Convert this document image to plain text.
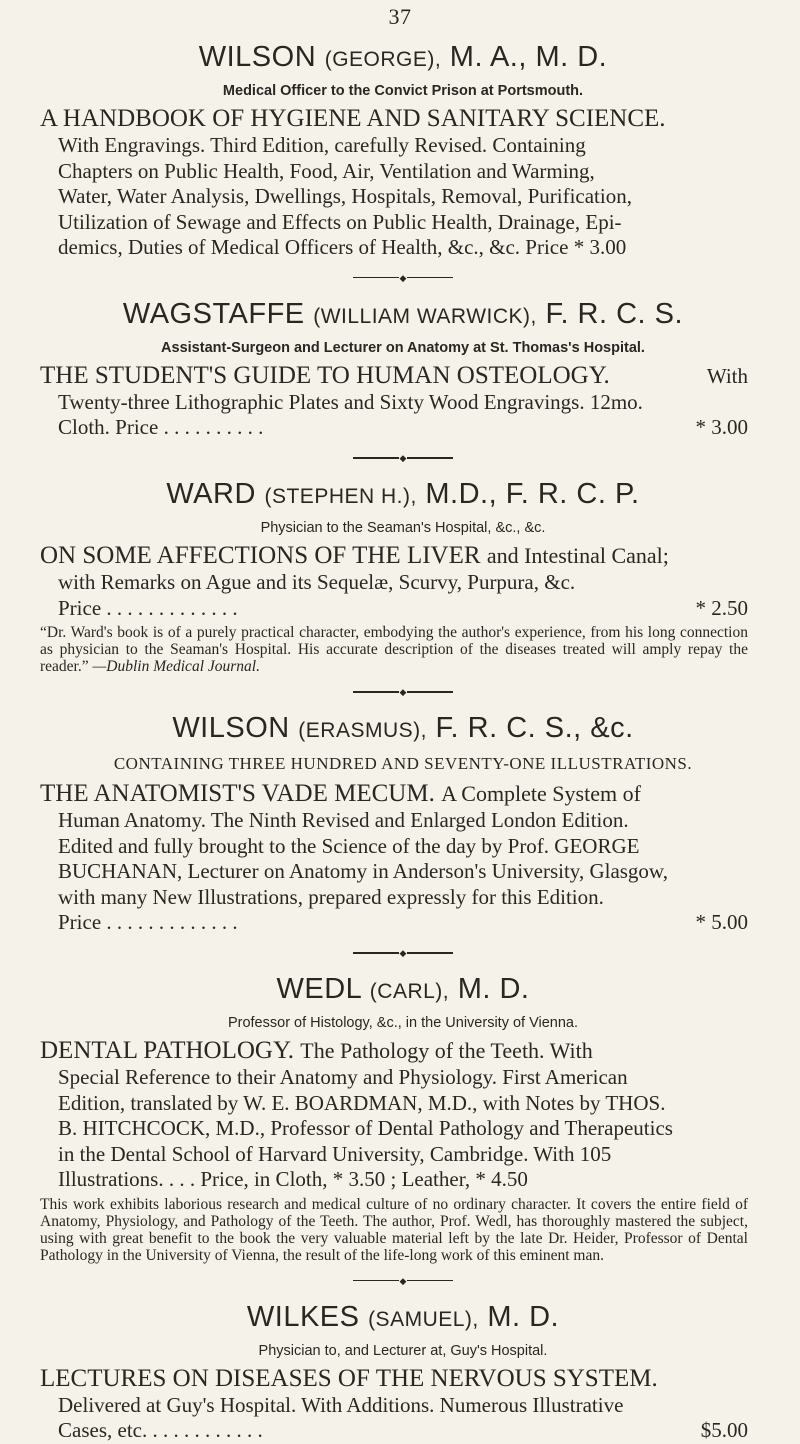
37
WILSON (GEORGE), M. A., M. D.
Medical Officer to the Convict Prison at Portsmouth.
A HANDBOOK OF HYGIENE AND SANITARY SCIENCE.
With Engravings. Third Edition, carefully Revised. Containing
Chapters on Public Health, Food, Air, Ventilation and Warming,
Water, Water Analysis, Dwellings, Hospitals, Removal, Purification,
Utilization of Sewage and Effects on Public Health, Drainage, Epi-
demics, Duties of Medical Officers of Health, &c., &c. Price * 3.00
◆
WAGSTAFFE (WILLIAM WARWICK), F. R. C. S.
Assistant-Surgeon and Lecturer on Anatomy at St. Thomas's Hospital.
THE STUDENT'S GUIDE TO HUMAN OSTEOLOGY.	With
Twenty-three Lithographic Plates and Sixty Wood Engravings. 12mo.
Cloth. Price . . . . . . . . . .	* 3.00
◆
WARD (STEPHEN H.), M.D., F. R. C. P.
Physician to the Seaman's Hospital, &c., &c.
ON SOME AFFECTIONS OF THE LIVER and Intestinal Canal;
with Remarks on Ague and its Sequelæ, Scurvy, Purpura, &c.
Price . . . . . . . . . . . . .	* 2.50
“Dr. Ward's book is of a purely practical character, embodying the author's experience, from his long connection as physician to the Seaman's Hospital. His accurate description of the diseases treated will amply repay the reader.” —Dublin Medical Journal.
◆
WILSON (ERASMUS), F. R. C. S., &c.
CONTAINING THREE HUNDRED AND SEVENTY-ONE ILLUSTRATIONS.
THE ANATOMIST'S VADE MECUM. A Complete System of
Human Anatomy. The Ninth Revised and Enlarged London Edition.
Edited and fully brought to the Science of the day by Prof. GEORGE
BUCHANAN, Lecturer on Anatomy in Anderson's University, Glasgow,
with many New Illustrations, prepared expressly for this Edition.
Price . . . . . . . . . . . . .	* 5.00
◆
WEDL (CARL), M. D.
Professor of Histology, &c., in the University of Vienna.
DENTAL PATHOLOGY. The Pathology of the Teeth. With
Special Reference to their Anatomy and Physiology. First American
Edition, translated by W. E. BOARDMAN, M.D., with Notes by THOS.
B. HITCHCOCK, M.D., Professor of Dental Pathology and Therapeutics
in the Dental School of Harvard University, Cambridge. With 105
Illustrations. . . . Price, in Cloth, * 3.50 ; Leather, * 4.50
This work exhibits laborious research and medical culture of no ordinary character. It covers the entire field of Anatomy, Physiology, and Pathology of the Teeth. The author, Prof. Wedl, has thoroughly mastered the subject, using with great benefit to the book the very valuable material left by the late Dr. Heider, Professor of Dental Pathology in the University of Vienna, the result of the life-long work of this eminent man.
◆
WILKES (SAMUEL), M. D.
Physician to, and Lecturer at, Guy's Hospital.
LECTURES ON DISEASES OF THE NERVOUS SYSTEM.
Delivered at Guy's Hospital. With Additions. Numerous Illustrative
Cases, etc. . . . . . . . . . . .	$5.00
